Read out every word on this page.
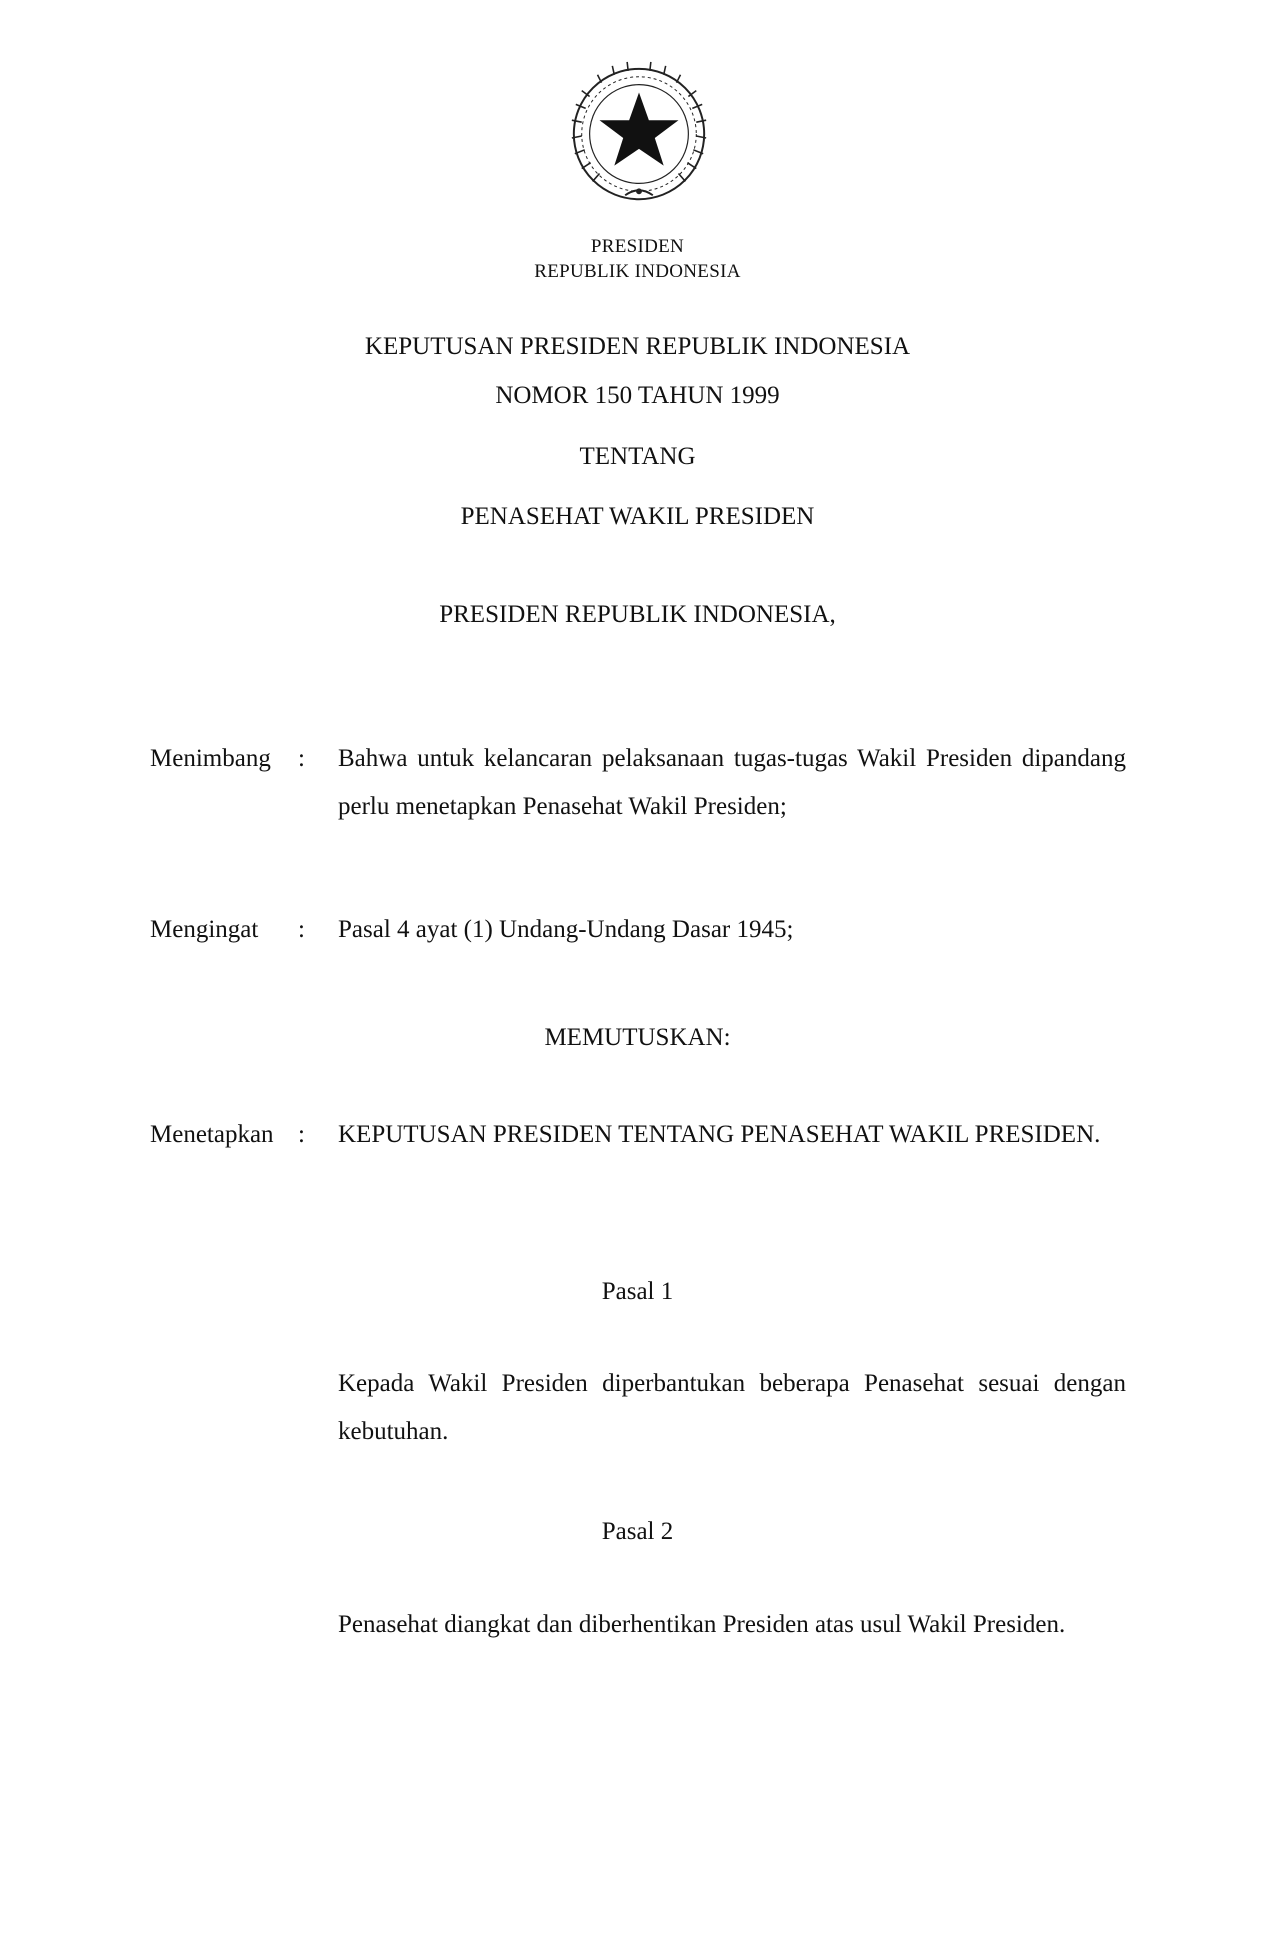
PRESIDEN
REPUBLIK INDONESIA
KEPUTUSAN PRESIDEN REPUBLIK INDONESIA
NOMOR 150 TAHUN 1999
TENTANG
PENASEHAT WAKIL PRESIDEN
PRESIDEN REPUBLIK INDONESIA,
Menimbang : Bahwa untuk kelancaran pelaksanaan tugas-tugas Wakil Presiden dipandang perlu menetapkan Penasehat Wakil Presiden;
Mengingat : Pasal 4 ayat (1) Undang-Undang Dasar 1945;
MEMUTUSKAN:
Menetapkan : KEPUTUSAN PRESIDEN TENTANG PENASEHAT WAKIL PRESIDEN.
Pasal 1
Kepada Wakil Presiden diperbantukan beberapa Penasehat sesuai dengan kebutuhan.
Pasal 2
Penasehat diangkat dan diberhentikan Presiden atas usul Wakil Presiden.
